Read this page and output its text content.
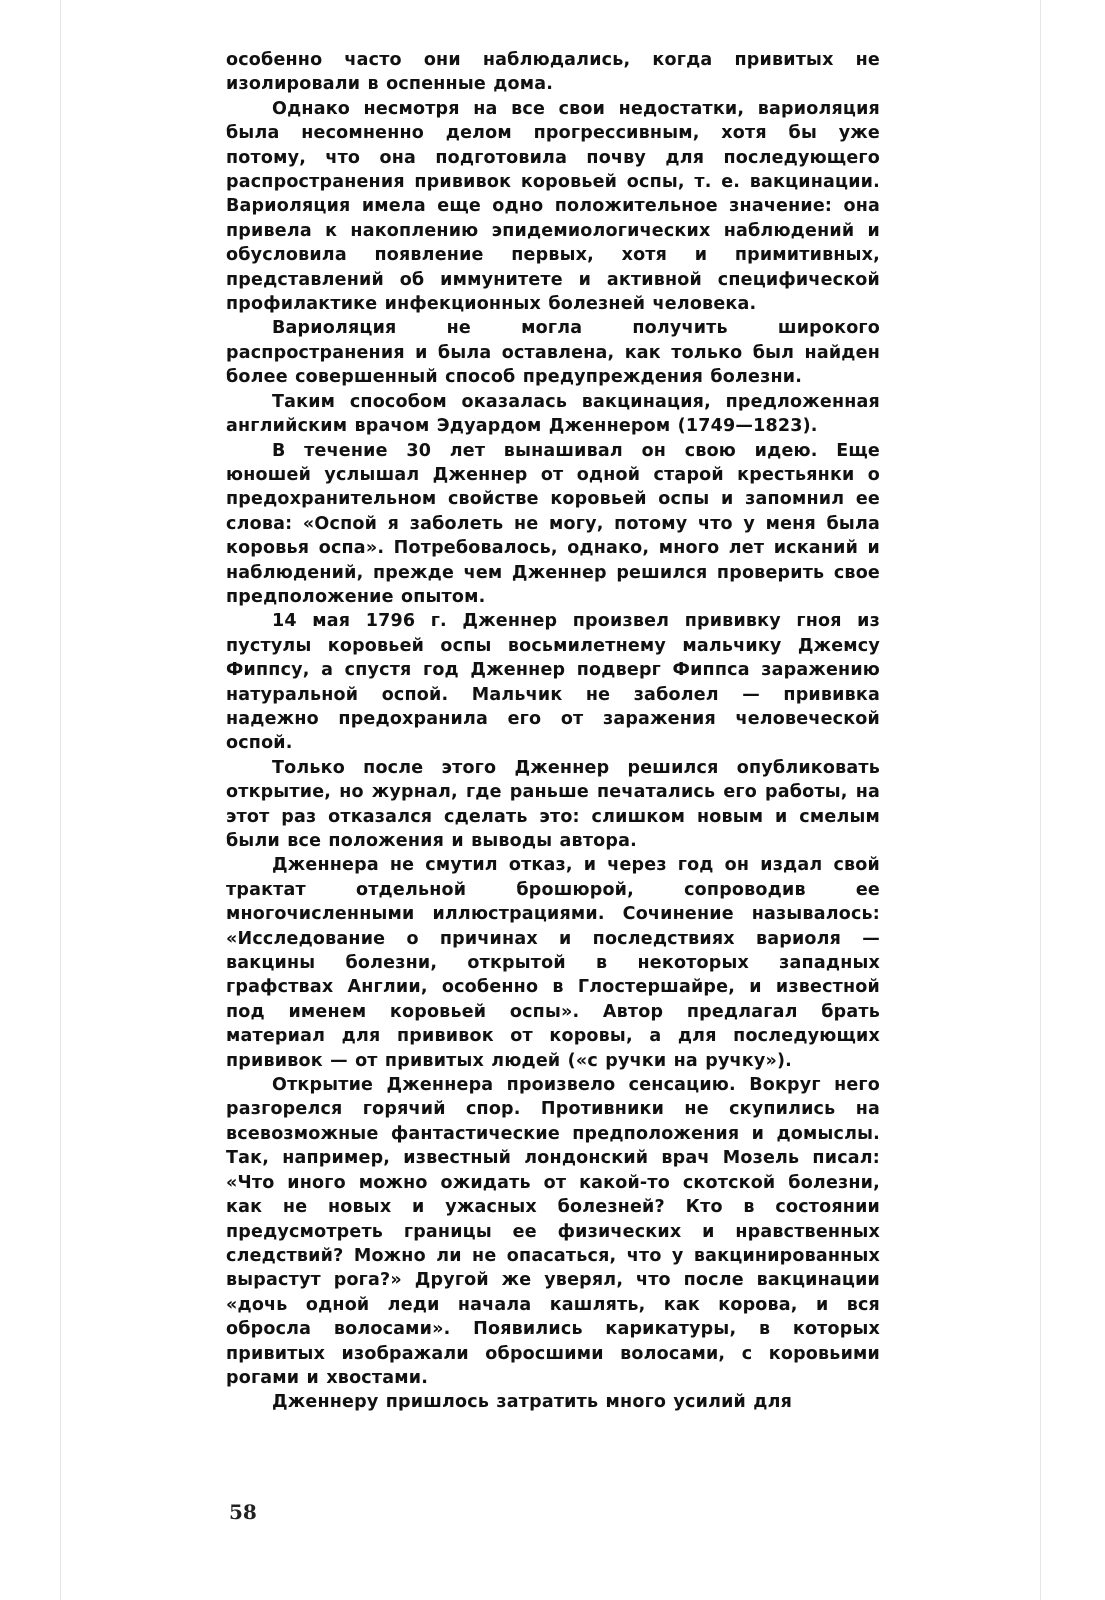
особенно часто они наблюдались, когда привитых не изолировали в оспенные дома.

Однако несмотря на все свои недостатки, вариоляция была несомненно делом прогрессивным, хотя бы уже потому, что она подготовила почву для последующего распространения прививок коровьей оспы, т. е. вакцинации. Вариоляция имела еще одно положительное значение: она привела к накоплению эпидемиологических наблюдений и обусловила появление первых, хотя и примитивных, представлений об иммунитете и активной специфической профилактике инфекционных болезней человека.

Вариоляция не могла получить широкого распространения и была оставлена, как только был найден более совершенный способ предупреждения болезни.

Таким способом оказалась вакцинация, предложенная английским врачом Эдуардом Дженнером (1749—1823).

В течение 30 лет вынашивал он свою идею. Еще юношей услышал Дженнер от одной старой крестьянки о предохранительном свойстве коровьей оспы и запомнил ее слова: «Оспой я заболеть не могу, потому что у меня была коровья оспа». Потребовалось, однако, много лет исканий и наблюдений, прежде чем Дженнер решился проверить свое предположение опытом.

14 мая 1796 г. Дженнер произвел прививку гноя из пустулы коровьей оспы восьмилетнему мальчику Джемсу Фиппсу, а спустя год Дженнер подверг Фиппса заражению натуральной оспой. Мальчик не заболел — прививка надежно предохранила его от заражения человеческой оспой.

Только после этого Дженнер решился опубликовать открытие, но журнал, где раньше печатались его работы, на этот раз отказался сделать это: слишком новым и смелым были все положения и выводы автора.

Дженнера не смутил отказ, и через год он издал свой трактат отдельной брошюрой, сопроводив ее многочисленными иллюстрациями. Сочинение называлось: «Исследование о причинах и последствиях вариоля — вакцины болезни, открытой в некоторых западных графствах Англии, особенно в Глостершайре, и известной под именем коровьей оспы». Автор предлагал брать материал для прививок от коровы, а для последующих прививок — от привитых людей («с ручки на ручку»).

Открытие Дженнера произвело сенсацию. Вокруг него разгорелся горячий спор. Противники не скупились на всевозможные фантастические предположения и домыслы. Так, например, известный лондонский врач Мозель писал: «Что иного можно ожидать от какой-то скотской болезни, как не новых и ужасных болезней? Кто в состоянии предусмотреть границы ее физических и нравственных следствий? Можно ли не опасаться, что у вакцинированных вырастут рога?» Другой же уверял, что после вакцинации «дочь одной леди начала кашлять, как корова, и вся обросла волосами». Появились карикатуры, в которых привитых изображали обросшими волосами, с коровьими рогами и хвостами.

Дженнеру пришлось затратить много усилий для

58
